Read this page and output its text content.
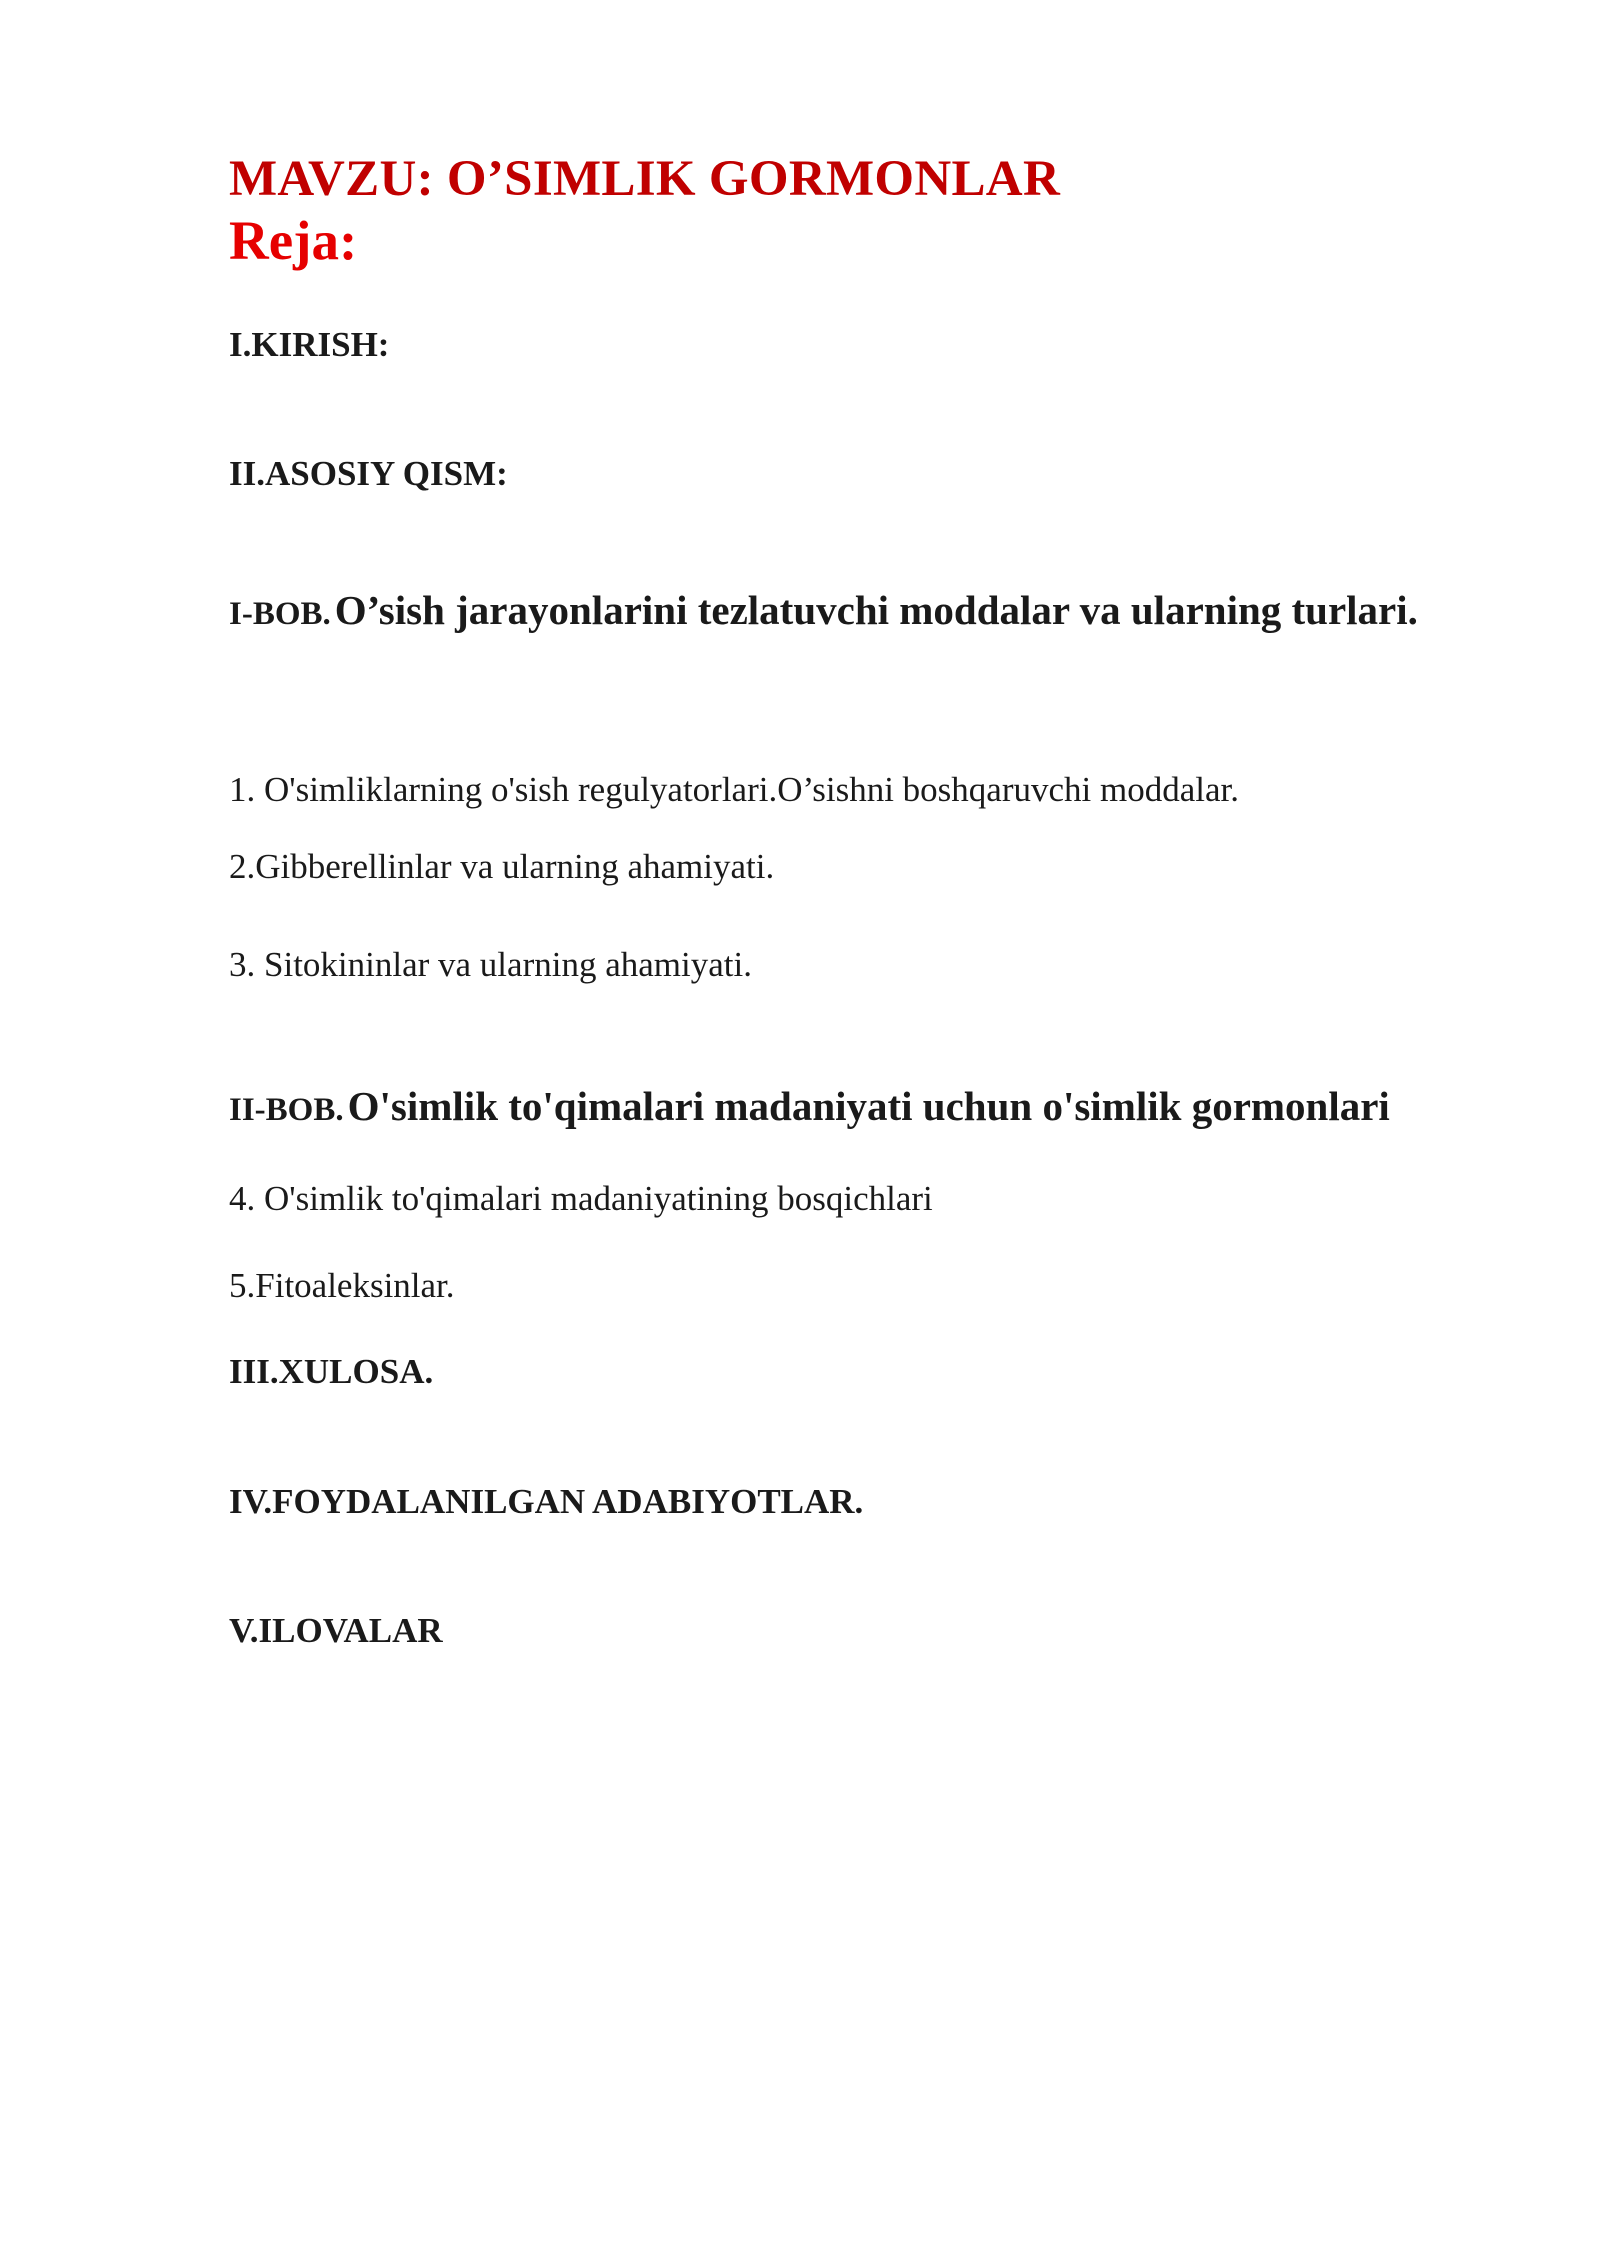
MAVZU: O’SIMLIK GORMONLAR
Reja:

I.KIRISH:

II.ASOSIY QISM:

I-BOB. O’sish jarayonlarini tezlatuvchi moddalar va ularning turlari.

1. O'simliklarning o'sish regulyatorlari.O’sishni boshqaruvchi moddalar.

2.Gibberellinlar va ularning ahamiyati.

3. Sitokininlar va ularning ahamiyati.

II-BOB. O'simlik to'qimalari madaniyati uchun o'simlik gormonlari

4. O'simlik to'qimalari madaniyatining bosqichlari

5.Fitoaleksinlar.

III.XULOSA.

IV.FOYDALANILGAN ADABIYOTLAR.

V.ILOVALAR
